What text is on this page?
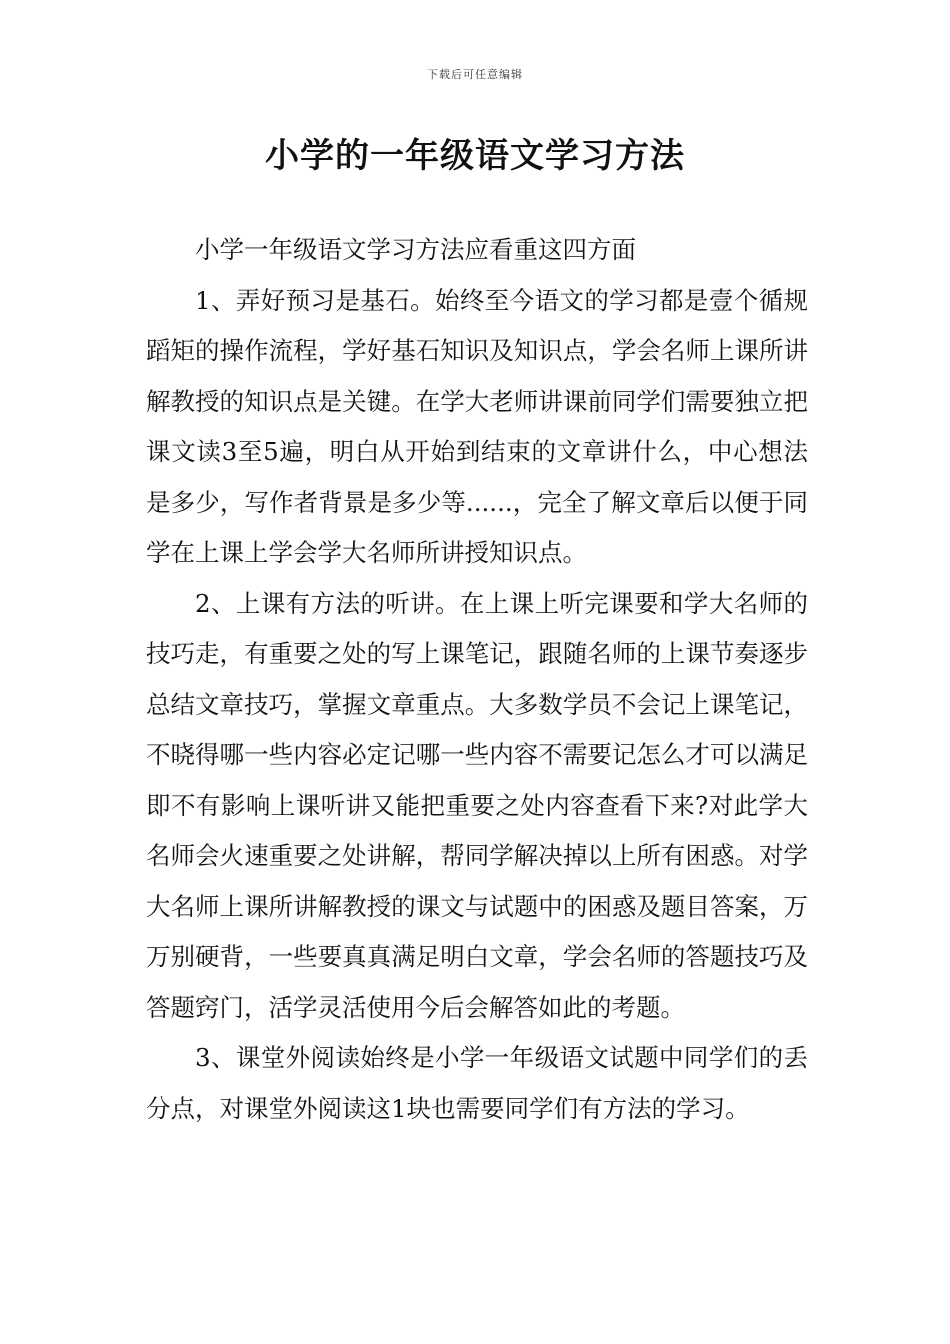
下载后可任意编辑
小学的一年级语文学习方法

小学一年级语文学习方法应看重这四方面

1、弄好预习是基石。始终至今语文的学习都是壹个循规蹈矩的操作流程，学好基石知识及知识点，学会名师上课所讲解教授的知识点是关键。在学大老师讲课前同学们需要独立把课文读3至5遍，明白从开始到结束的文章讲什么，中心想法是多少，写作者背景是多少等......，完全了解文章后以便于同学在上课上学会学大名师所讲授知识点。

2、上课有方法的听讲。在上课上听完课要和学大名师的技巧走，有重要之处的写上课笔记，跟随名师的上课节奏逐步总结文章技巧，掌握文章重点。大多数学员不会记上课笔记，不晓得哪一些内容必定记哪一些内容不需要记怎么才可以满足即不有影响上课听讲又能把重要之处内容查看下来?对此学大名师会火速重要之处讲解，帮同学解决掉以上所有困惑。对学大名师上课所讲解教授的课文与试题中的困惑及题目答案，万万别硬背，一些要真真满足明白文章，学会名师的答题技巧及答题窍门，活学灵活使用今后会解答如此的考题。

3、课堂外阅读始终是小学一年级语文试题中同学们的丢分点，对课堂外阅读这1块也需要同学们有方法的学习。
